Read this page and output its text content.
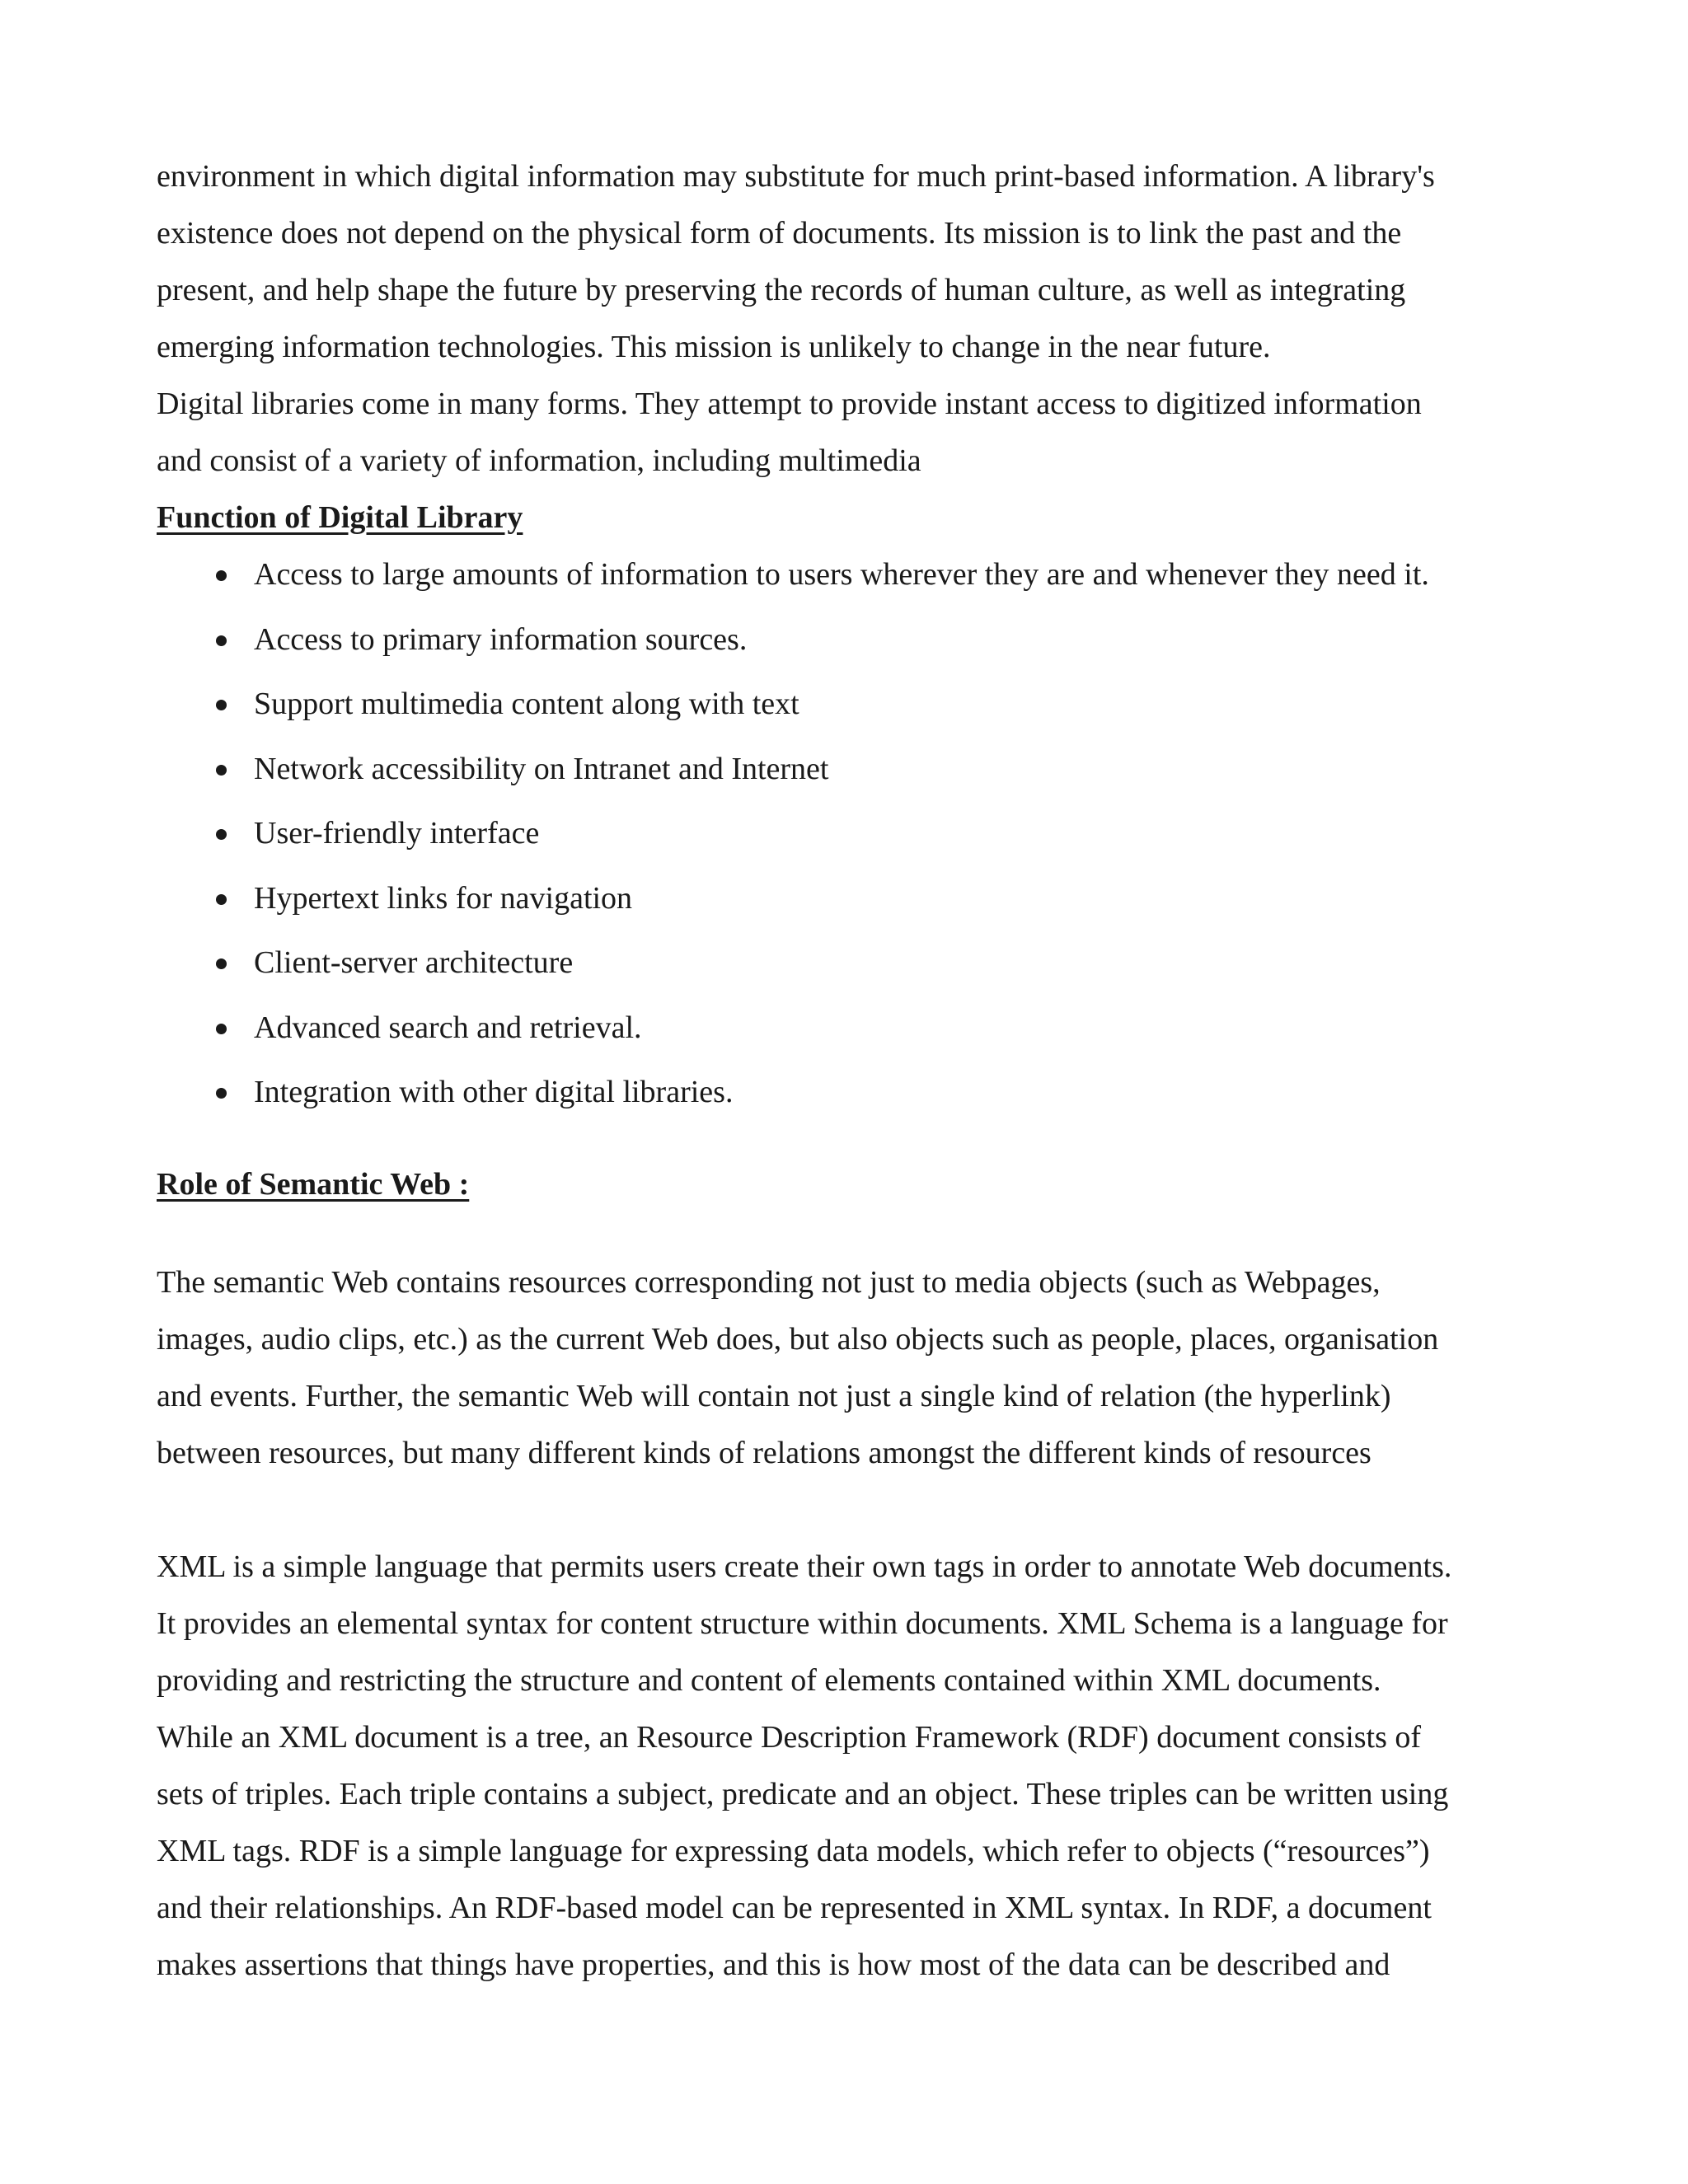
environment in which digital information may substitute for much print-based information. A library's
existence does not depend on the physical form of documents. Its mission is to link the past and the
present, and help shape the future by preserving the records of human culture, as well as integrating
emerging information technologies. This mission is unlikely to change in the near future.
Digital libraries come in many forms. They attempt to provide instant access to digitized information
and consist of a variety of information, including multimedia
Function of Digital Library
Access to large amounts of information to users wherever they are and whenever they need it.
Access to primary information sources.
Support multimedia content along with text
Network accessibility on Intranet and Internet
User-friendly interface
Hypertext links for navigation
Client-server architecture
Advanced search and retrieval.
Integration with other digital libraries.
Role of Semantic Web :
The semantic Web contains resources corresponding not just to media objects (such as Webpages,
images, audio clips, etc.) as the current Web does, but also objects such as people, places, organisation
and events. Further, the semantic Web will contain not just a single kind of relation (the hyperlink)
between resources, but many different kinds of relations amongst the different kinds of resources
XML is a simple language that permits users create their own tags in order to annotate Web documents.
It provides an elemental syntax for content structure within documents. XML Schema is a language for
providing and restricting the structure and content of elements contained within XML documents.
While an XML document is a tree, an Resource Description Framework (RDF) document consists of
sets of triples. Each triple contains a subject, predicate and an object. These triples can be written using
XML tags. RDF is a simple language for expressing data models, which refer to objects (“resources”)
and their relationships. An RDF-based model can be represented in XML syntax. In RDF, a document
makes assertions that things have properties, and this is how most of the data can be described and
